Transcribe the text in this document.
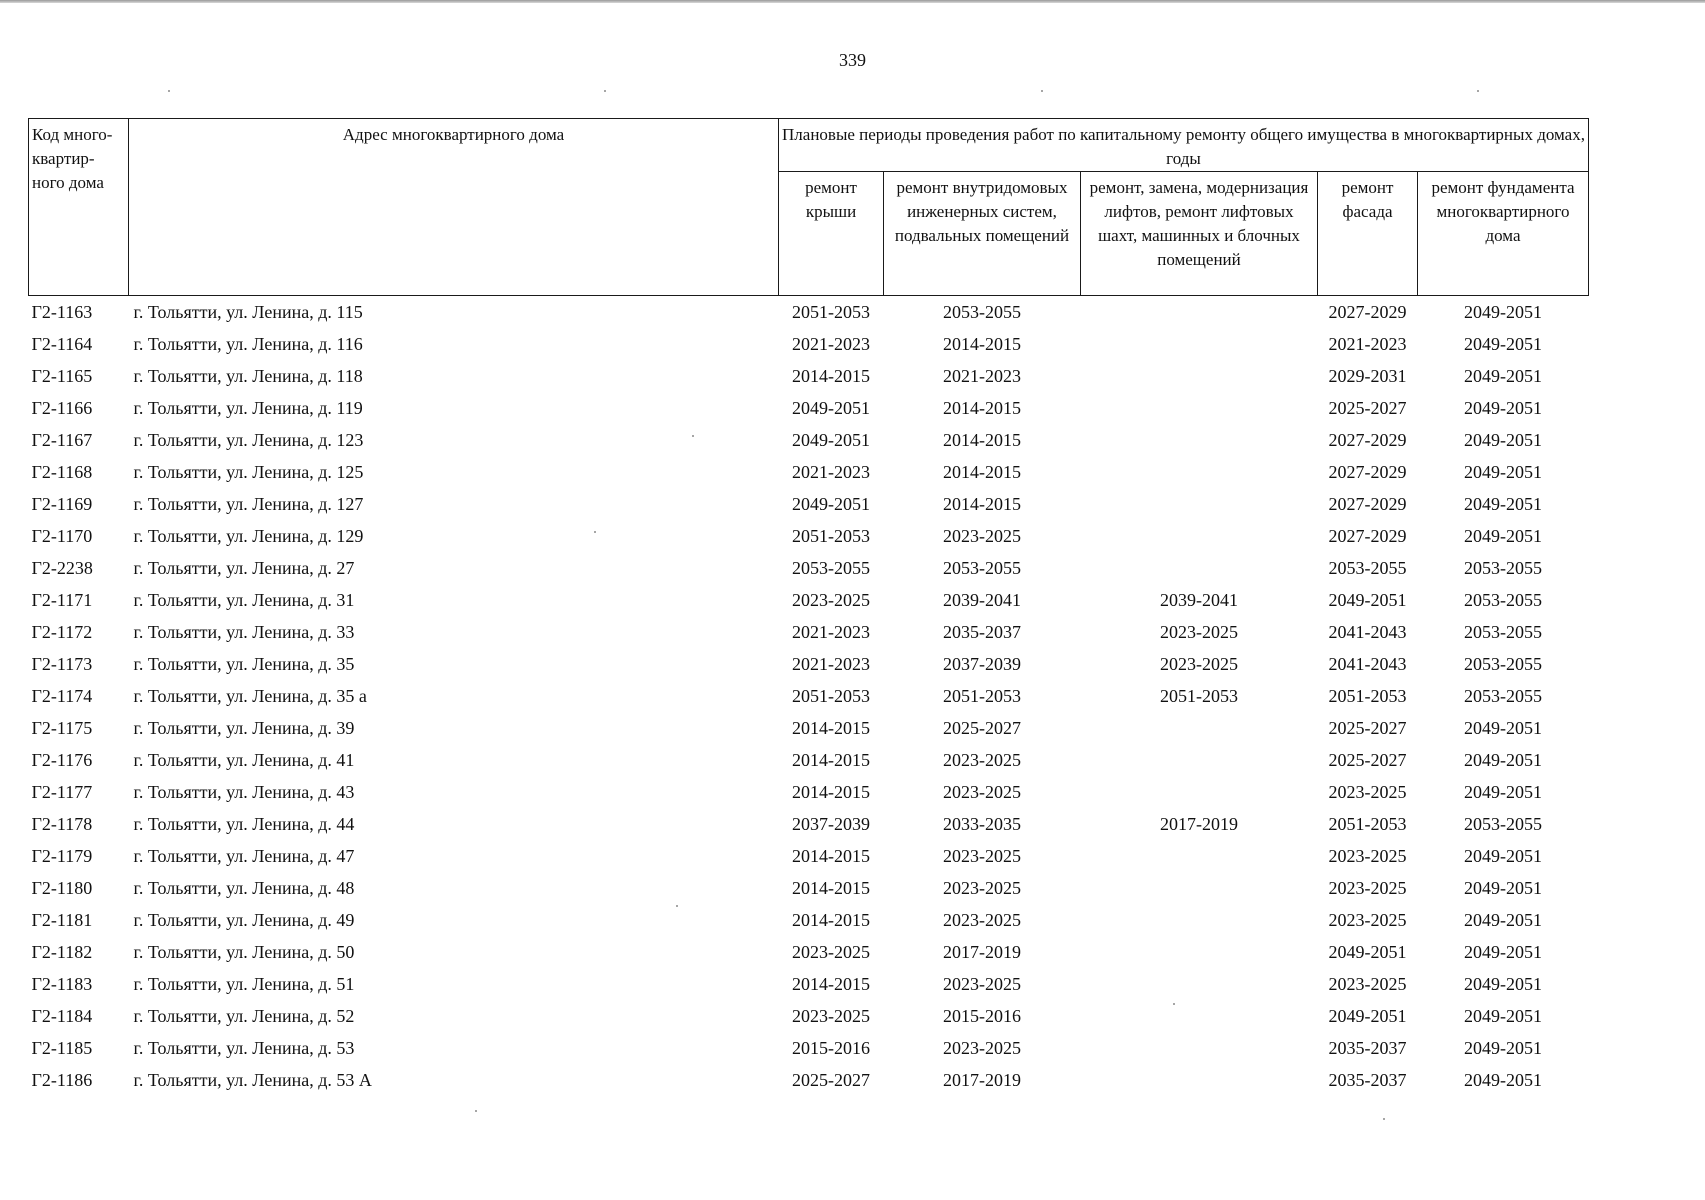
339
Код много-квартир-ного дома	Адрес многоквартирного дома	Плановые периоды проведения работ по капитальному ремонту общего имущества в многоквартирных домах, годы				
		ремонт крыши	ремонт внутридомовых инженерных систем, подвальных помещений	ремонт, замена, модернизация лифтов, ремонт лифтовых шахт, машинных и блочных помещений	ремонт фасада	ремонт фундамента многоквартирного дома
Г2-1163	г. Тольятти, ул. Ленина, д. 115	2051-2053	2053-2055		2027-2029	2049-2051
Г2-1164	г. Тольятти, ул. Ленина, д. 116	2021-2023	2014-2015		2021-2023	2049-2051
Г2-1165	г. Тольятти, ул. Ленина, д. 118	2014-2015	2021-2023		2029-2031	2049-2051
Г2-1166	г. Тольятти, ул. Ленина, д. 119	2049-2051	2014-2015		2025-2027	2049-2051
Г2-1167	г. Тольятти, ул. Ленина, д. 123	2049-2051	2014-2015		2027-2029	2049-2051
Г2-1168	г. Тольятти, ул. Ленина, д. 125	2021-2023	2014-2015		2027-2029	2049-2051
Г2-1169	г. Тольятти, ул. Ленина, д. 127	2049-2051	2014-2015		2027-2029	2049-2051
Г2-1170	г. Тольятти, ул. Ленина, д. 129	2051-2053	2023-2025		2027-2029	2049-2051
Г2-2238	г. Тольятти, ул. Ленина, д. 27	2053-2055	2053-2055		2053-2055	2053-2055
Г2-1171	г. Тольятти, ул. Ленина, д. 31	2023-2025	2039-2041	2039-2041	2049-2051	2053-2055
Г2-1172	г. Тольятти, ул. Ленина, д. 33	2021-2023	2035-2037	2023-2025	2041-2043	2053-2055
Г2-1173	г. Тольятти, ул. Ленина, д. 35	2021-2023	2037-2039	2023-2025	2041-2043	2053-2055
Г2-1174	г. Тольятти, ул. Ленина, д. 35 а	2051-2053	2051-2053	2051-2053	2051-2053	2053-2055
Г2-1175	г. Тольятти, ул. Ленина, д. 39	2014-2015	2025-2027		2025-2027	2049-2051
Г2-1176	г. Тольятти, ул. Ленина, д. 41	2014-2015	2023-2025		2025-2027	2049-2051
Г2-1177	г. Тольятти, ул. Ленина, д. 43	2014-2015	2023-2025		2023-2025	2049-2051
Г2-1178	г. Тольятти, ул. Ленина, д. 44	2037-2039	2033-2035	2017-2019	2051-2053	2053-2055
Г2-1179	г. Тольятти, ул. Ленина, д. 47	2014-2015	2023-2025		2023-2025	2049-2051
Г2-1180	г. Тольятти, ул. Ленина, д. 48	2014-2015	2023-2025		2023-2025	2049-2051
Г2-1181	г. Тольятти, ул. Ленина, д. 49	2014-2015	2023-2025		2023-2025	2049-2051
Г2-1182	г. Тольятти, ул. Ленина, д. 50	2023-2025	2017-2019		2049-2051	2049-2051
Г2-1183	г. Тольятти, ул. Ленина, д. 51	2014-2015	2023-2025		2023-2025	2049-2051
Г2-1184	г. Тольятти, ул. Ленина, д. 52	2023-2025	2015-2016		2049-2051	2049-2051
Г2-1185	г. Тольятти, ул. Ленина, д. 53	2015-2016	2023-2025		2035-2037	2049-2051
Г2-1186	г. Тольятти, ул. Ленина, д. 53 А	2025-2027	2017-2019		2035-2037	2049-2051
